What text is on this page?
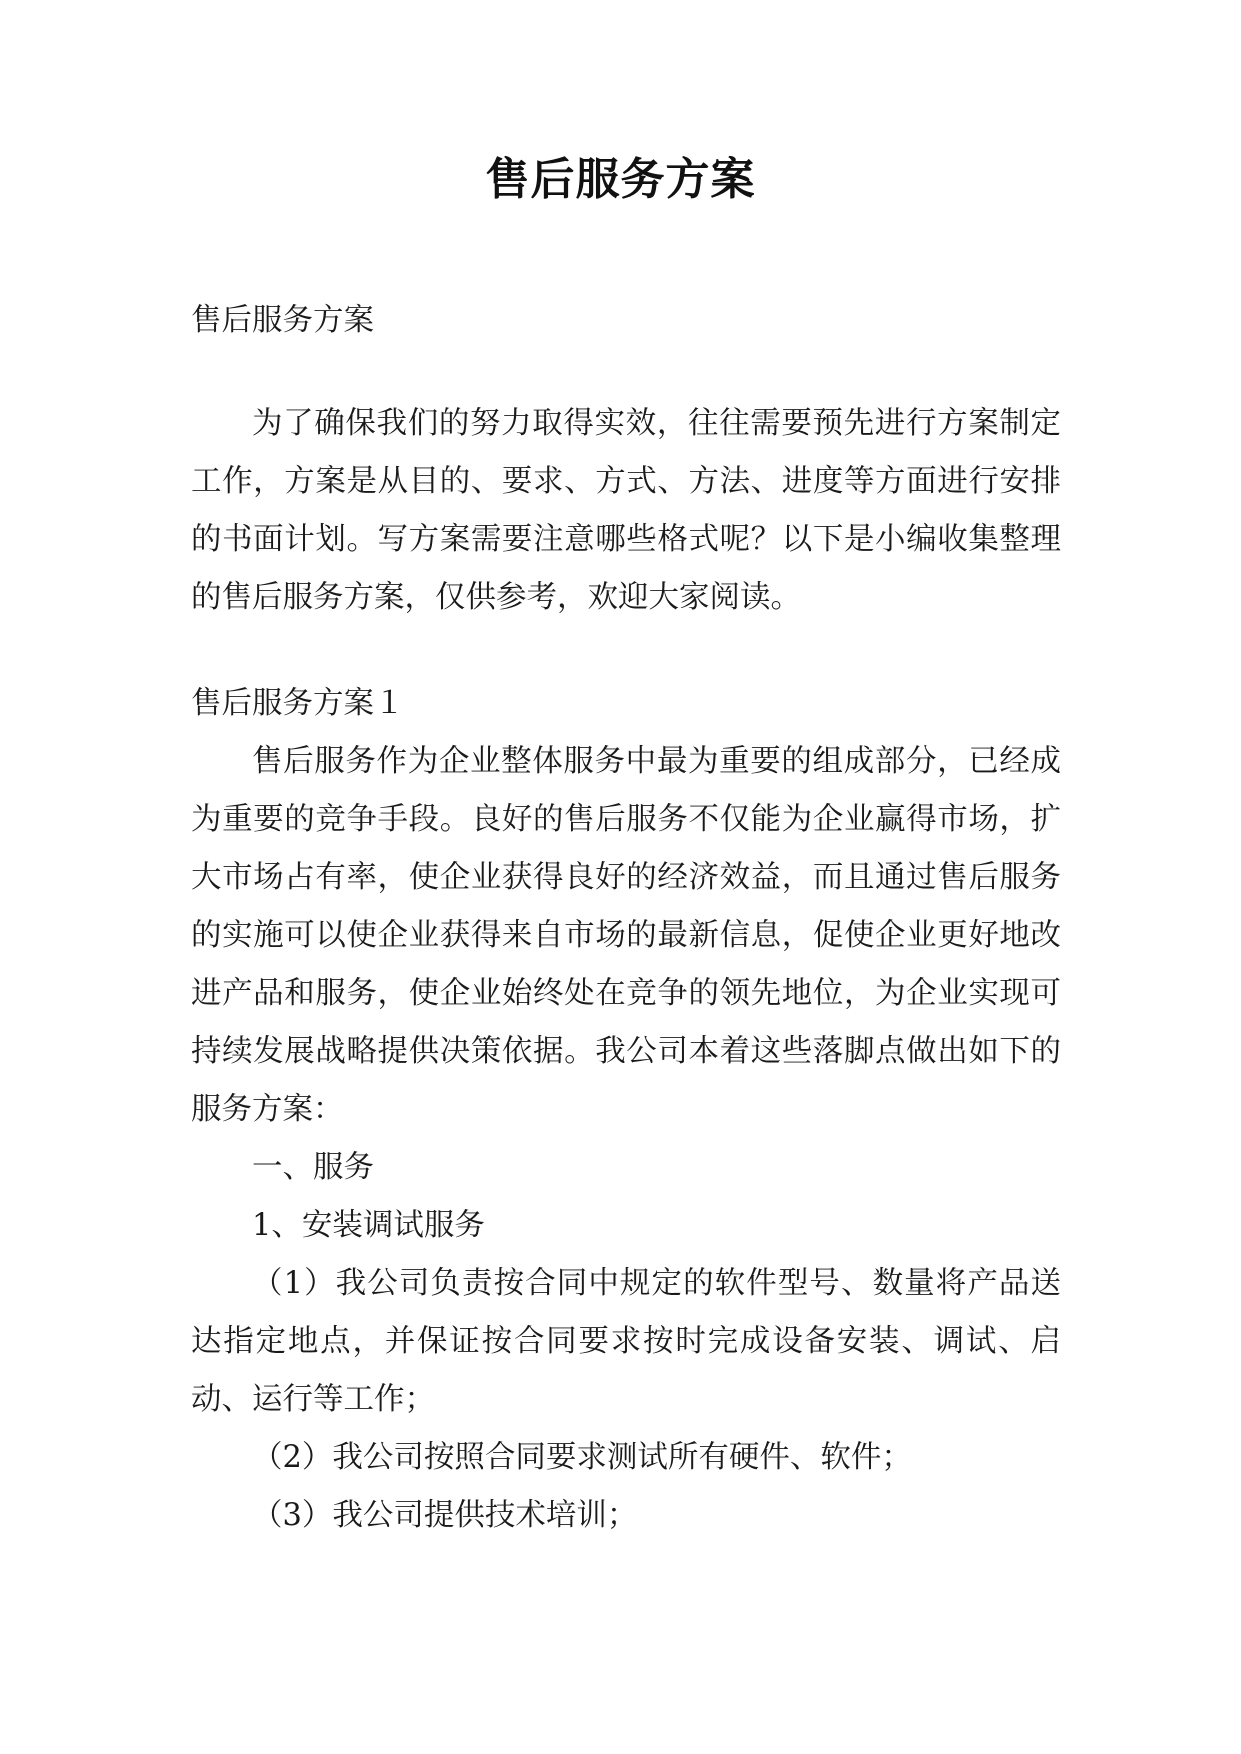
售后服务方案

售后服务方案

为了确保我们的努力取得实效，往往需要预先进行方案制定工作，方案是从目的、要求、方式、方法、进度等方面进行安排的书面计划。写方案需要注意哪些格式呢？以下是小编收集整理的售后服务方案，仅供参考，欢迎大家阅读。

售后服务方案１

售后服务作为企业整体服务中最为重要的组成部分，已经成为重要的竞争手段。良好的售后服务不仅能为企业赢得市场，扩大市场占有率，使企业获得良好的经济效益，而且通过售后服务的实施可以使企业获得来自市场的最新信息，促使企业更好地改进产品和服务，使企业始终处在竞争的领先地位，为企业实现可持续发展战略提供决策依据。我公司本着这些落脚点做出如下的服务方案：

一、服务

1、安装调试服务

（1）我公司负责按合同中规定的软件型号、数量将产品送达指定地点，并保证按合同要求按时完成设备安装、调试、启动、运行等工作；

（2）我公司按照合同要求测试所有硬件、软件；

（3）我公司提供技术培训；
